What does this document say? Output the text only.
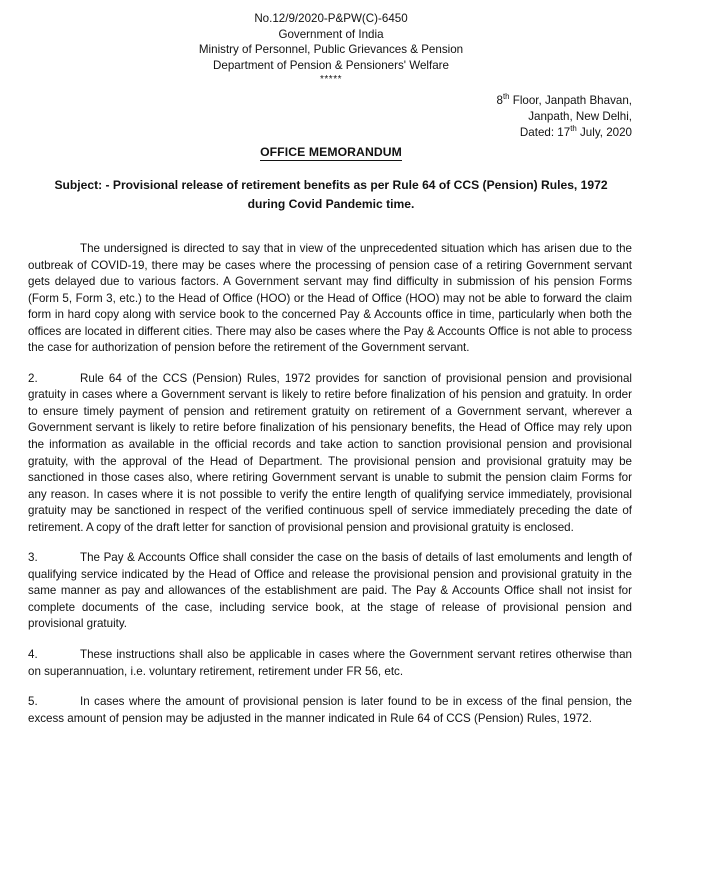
No.12/9/2020-P&PW(C)-6450
Government of India
Ministry of Personnel, Public Grievances & Pension
Department of Pension & Pensioners' Welfare
*****
8th Floor, Janpath Bhavan,
Janpath, New Delhi,
Dated: 17th July, 2020
OFFICE MEMORANDUM
Subject: - Provisional release of retirement benefits as per Rule 64 of CCS (Pension) Rules, 1972 during Covid Pandemic time.

The undersigned is directed to say that in view of the unprecedented situation which has arisen due to the outbreak of COVID-19, there may be cases where the processing of pension case of a retiring Government servant gets delayed due to various factors. A Government servant may find difficulty in submission of his pension Forms (Form 5, Form 3, etc.) to the Head of Office (HOO) or the Head of Office (HOO) may not be able to forward the claim form in hard copy along with service book to the concerned Pay & Accounts office in time, particularly when both the offices are located in different cities. There may also be cases where the Pay & Accounts Office is not able to process the case for authorization of pension before the retirement of the Government servant.

2.	Rule 64 of the CCS (Pension) Rules, 1972 provides for sanction of provisional pension and provisional gratuity in cases where a Government servant is likely to retire before finalization of his pension and gratuity. In order to ensure timely payment of pension and retirement gratuity on retirement of a Government servant, wherever a Government servant is likely to retire before finalization of his pensionary benefits, the Head of Office may rely upon the information as available in the official records and take action to sanction provisional pension and provisional gratuity, with the approval of the Head of Department. The provisional pension and provisional gratuity may be sanctioned in those cases also, where retiring Government servant is unable to submit the pension claim Forms for any reason. In cases where it is not possible to verify the entire length of qualifying service immediately, provisional gratuity may be sanctioned in respect of the verified continuous spell of service immediately preceding the date of retirement. A copy of the draft letter for sanction of provisional pension and provisional gratuity is enclosed.

3.	The Pay & Accounts Office shall consider the case on the basis of details of last emoluments and length of qualifying service indicated by the Head of Office and release the provisional pension and provisional gratuity in the same manner as pay and allowances of the establishment are paid. The Pay & Accounts Office shall not insist for complete documents of the case, including service book, at the stage of release of provisional pension and provisional gratuity.

4.	These instructions shall also be applicable in cases where the Government servant retires otherwise than on superannuation, i.e. voluntary retirement, retirement under FR 56, etc.

5.	In cases where the amount of provisional pension is later found to be in excess of the final pension, the excess amount of pension may be adjusted in the manner indicated in Rule 64 of CCS (Pension) Rules, 1972.
